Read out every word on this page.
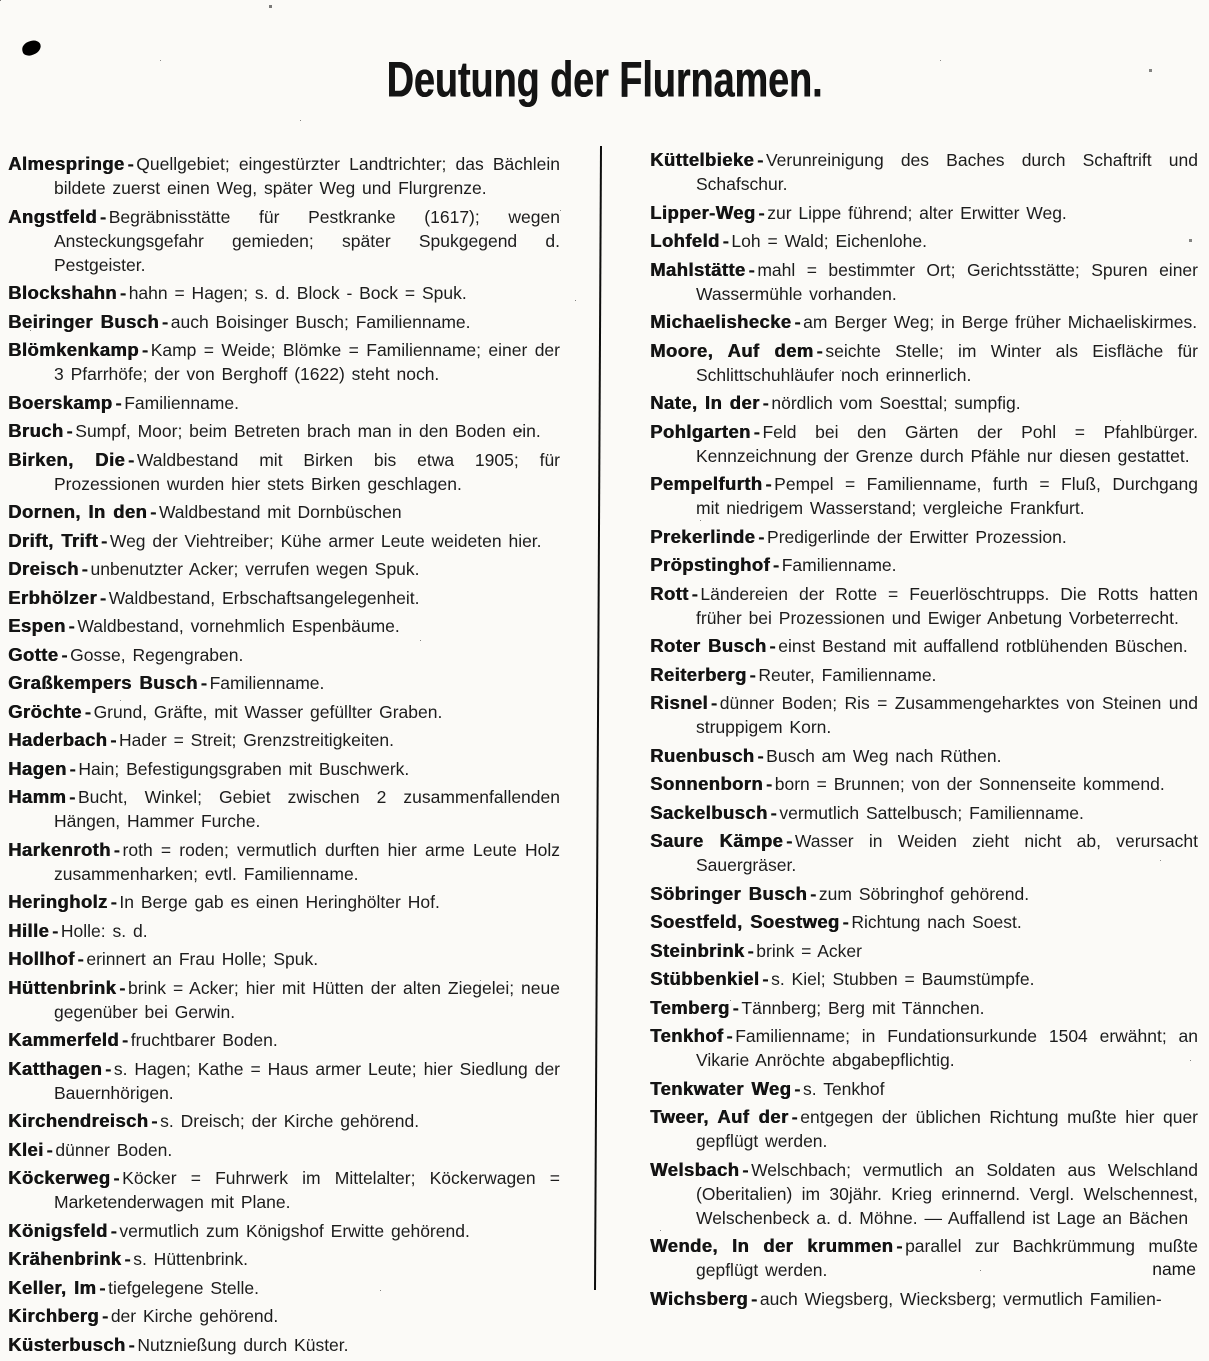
Deutung der Flurnamen.
Almespringe - Quellgebiet; eingestürzter Landtrichter; das Bächlein bildete zuerst einen Weg, später Weg und Flurgrenze.
Angstfeld - Begräbnisstätte für Pestkranke (1617); wegen Ansteckungsgefahr gemieden; später Spukgegend d. Pestgeister.
Blockshahn - hahn = Hagen; s. d. Block - Bock = Spuk.
Beiringer Busch - auch Boisinger Busch; Familienname.
Blömkenkamp - Kamp = Weide; Blömke = Familienname; einer der 3 Pfarrhöfe; der von Berghoff (1622) steht noch.
Boerskamp - Familienname.
Bruch - Sumpf, Moor; beim Betreten brach man in den Boden ein.
Birken, Die - Waldbestand mit Birken bis etwa 1905; für Prozessionen wurden hier stets Birken geschlagen.
Dornen, In den - Waldbestand mit Dornbüschen
Drift, Trift - Weg der Viehtreiber; Kühe armer Leute weideten hier.
Dreisch - unbenutzter Acker; verrufen wegen Spuk.
Erbhölzer - Waldbestand, Erbschaftsangelegenheit.
Espen - Waldbestand, vornehmlich Espenbäume.
Gotte - Gosse, Regengraben.
Graßkempers Busch - Familienname.
Gröchte - Grund, Gräfte, mit Wasser gefüllter Graben.
Haderbach - Hader = Streit; Grenzstreitigkeiten.
Hagen - Hain; Befestigungsgraben mit Buschwerk.
Hamm - Bucht, Winkel; Gebiet zwischen 2 zusammenfallenden Hängen, Hammer Furche.
Harkenroth - roth = roden; vermutlich durften hier arme Leute Holz zusammenharken; evtl. Familienname.
Heringholz - In Berge gab es einen Heringhölter Hof.
Hille - Holle: s. d.
Hollhof - erinnert an Frau Holle; Spuk.
Hüttenbrink - brink = Acker; hier mit Hütten der alten Ziegelei; neue gegenüber bei Gerwin.
Kammerfeld - fruchtbarer Boden.
Katthagen - s. Hagen; Kathe = Haus armer Leute; hier Siedlung der Bauernhörigen.
Kirchendreisch - s. Dreisch; der Kirche gehörend.
Klei - dünner Boden.
Köckerweg - Köcker = Fuhrwerk im Mittelalter; Köckerwagen = Marketenderwagen mit Plane.
Königsfeld - vermutlich zum Königshof Erwitte gehörend.
Krähenbrink - s. Hüttenbrink.
Keller, Im - tiefgelegene Stelle.
Kirchberg - der Kirche gehörend.
Küsterbusch - Nutznießung durch Küster.
Küttelbieke - Verunreinigung des Baches durch Schaftrift und Schafschur.
Lipper-Weg - zur Lippe führend; alter Erwitter Weg.
Lohfeld - Loh = Wald; Eichenlohe.
Mahlstätte - mahl = bestimmter Ort; Gerichtsstätte; Spuren einer Wassermühle vorhanden.
Michaelishecke - am Berger Weg; in Berge früher Michaeliskirmes.
Moore, Auf dem - seichte Stelle; im Winter als Eisfläche für Schlittschuhläufer noch erinnerlich.
Nate, In der - nördlich vom Soesttal; sumpfig.
Pohlgarten - Feld bei den Gärten der Pohl = Pfahlbürger. Kennzeichnung der Grenze durch Pfähle nur diesen gestattet.
Pempelfurth - Pempel = Familienname, furth = Fluß, Durchgang mit niedrigem Wasserstand; vergleiche Frankfurt.
Prekerlinde - Predigerlinde der Erwitter Prozession.
Pröpstinghof - Familienname.
Rott - Ländereien der Rotte = Feuerlöschtrupps. Die Rotts hatten früher bei Prozessionen und Ewiger Anbetung Vorbeterrecht.
Roter Busch - einst Bestand mit auffallend rotblühenden Büschen.
Reiterberg - Reuter, Familienname.
Risnel - dünner Boden; Ris = Zusammengeharktes von Steinen und struppigem Korn.
Ruenbusch - Busch am Weg nach Rüthen.
Sonnenborn - born = Brunnen; von der Sonnenseite kommend.
Sackelbusch - vermutlich Sattelbusch; Familienname.
Saure Kämpe - Wasser in Weiden zieht nicht ab, verursacht Sauergräser.
Söbringer Busch - zum Söbringhof gehörend.
Soestfeld, Soestweg - Richtung nach Soest.
Steinbrink - brink = Acker
Stübbenkiel - s. Kiel; Stubben = Baumstümpfe.
Temberg - Tännberg; Berg mit Tännchen.
Tenkhof - Familienname; in Fundationsurkunde 1504 erwähnt; an Vikarie Anröchte abgabepflichtig.
Tenkwater Weg - s. Tenkhof
Tweer, Auf der - entgegen der üblichen Richtung mußte hier quer gepflügt werden.
Welsbach - Welschbach; vermutlich an Soldaten aus Welschland (Oberitalien) im 30jähr. Krieg erinnernd. Vergl. Welschennest, Welschenbeck a. d. Möhne. — Auffallend ist Lage an Bächen
Wende, In der krummen - parallel zur Bachkrümmung mußte gepflügt werden.	name
Wichsberg - auch Wiegsberg, Wiecksberg; vermutlich Familien-
